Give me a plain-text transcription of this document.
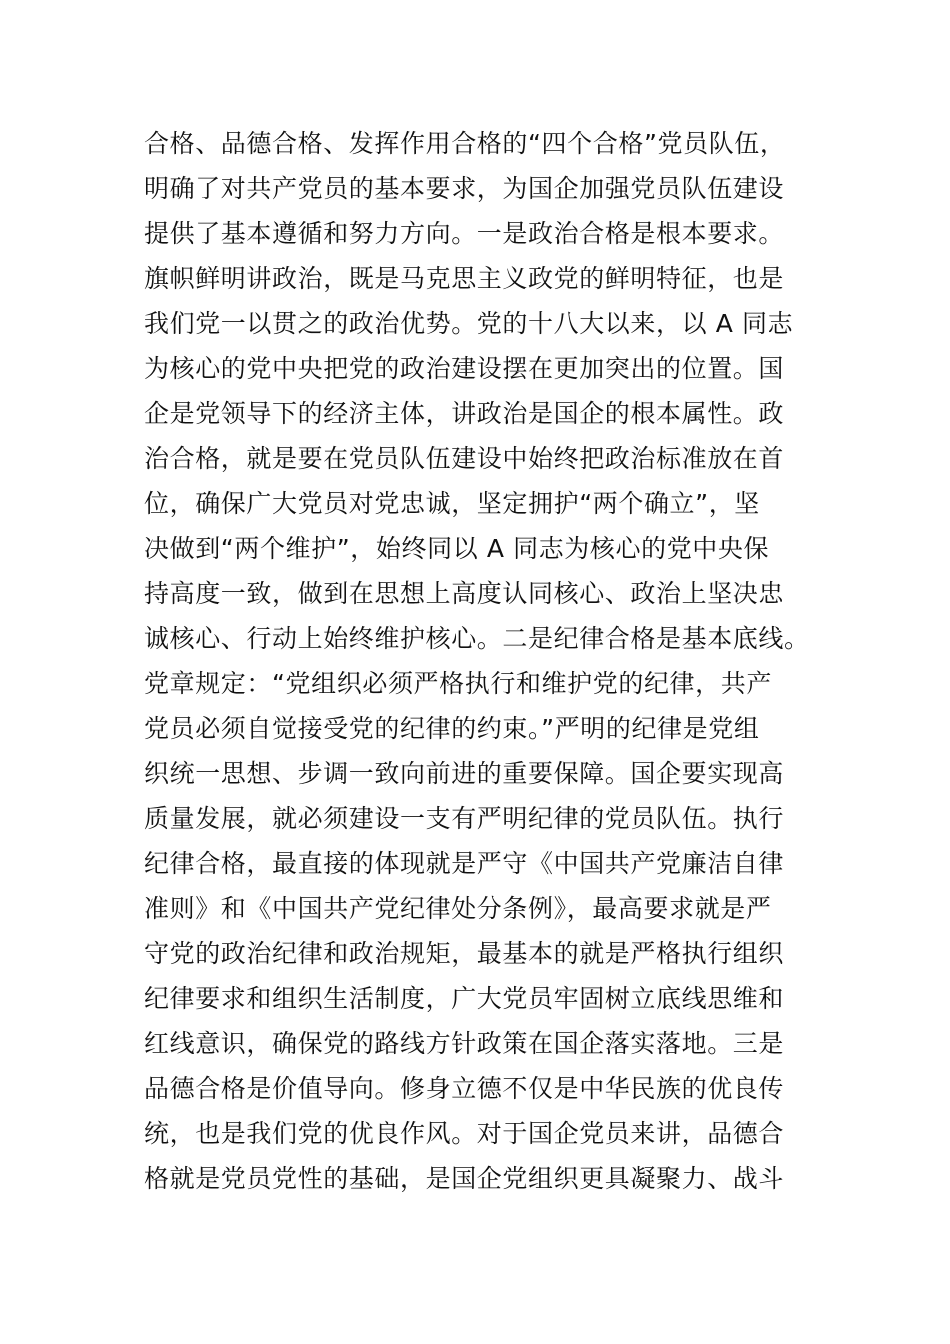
合格、品德合格、发挥作用合格的“四个合格”党员队伍，
明确了对共产党员的基本要求，为国企加强党员队伍建设
提供了基本遵循和努力方向。一是政治合格是根本要求。
旗帜鲜明讲政治，既是马克思主义政党的鲜明特征，也是
我们党一以贯之的政治优势。党的十八大以来，以 A 同志
为核心的党中央把党的政治建设摆在更加突出的位置。国
企是党领导下的经济主体，讲政治是国企的根本属性。政
治合格，就是要在党员队伍建设中始终把政治标准放在首
位，确保广大党员对党忠诚，坚定拥护“两个确立”，坚
决做到“两个维护”，始终同以 A 同志为核心的党中央保
持高度一致，做到在思想上高度认同核心、政治上坚决忠
诚核心、行动上始终维护核心。二是纪律合格是基本底线。
党章规定：“党组织必须严格执行和维护党的纪律，共产
党员必须自觉接受党的纪律的约束。”严明的纪律是党组
织统一思想、步调一致向前进的重要保障。国企要实现高
质量发展，就必须建设一支有严明纪律的党员队伍。执行
纪律合格，最直接的体现就是严守《中国共产党廉洁自律
准则》和《中国共产党纪律处分条例》，最高要求就是严
守党的政治纪律和政治规矩，最基本的就是严格执行组织
纪律要求和组织生活制度，广大党员牢固树立底线思维和
红线意识，确保党的路线方针政策在国企落实落地。三是
品德合格是价值导向。修身立德不仅是中华民族的优良传
统，也是我们党的优良作风。对于国企党员来讲，品德合
格就是党员党性的基础，是国企党组织更具凝聚力、战斗
